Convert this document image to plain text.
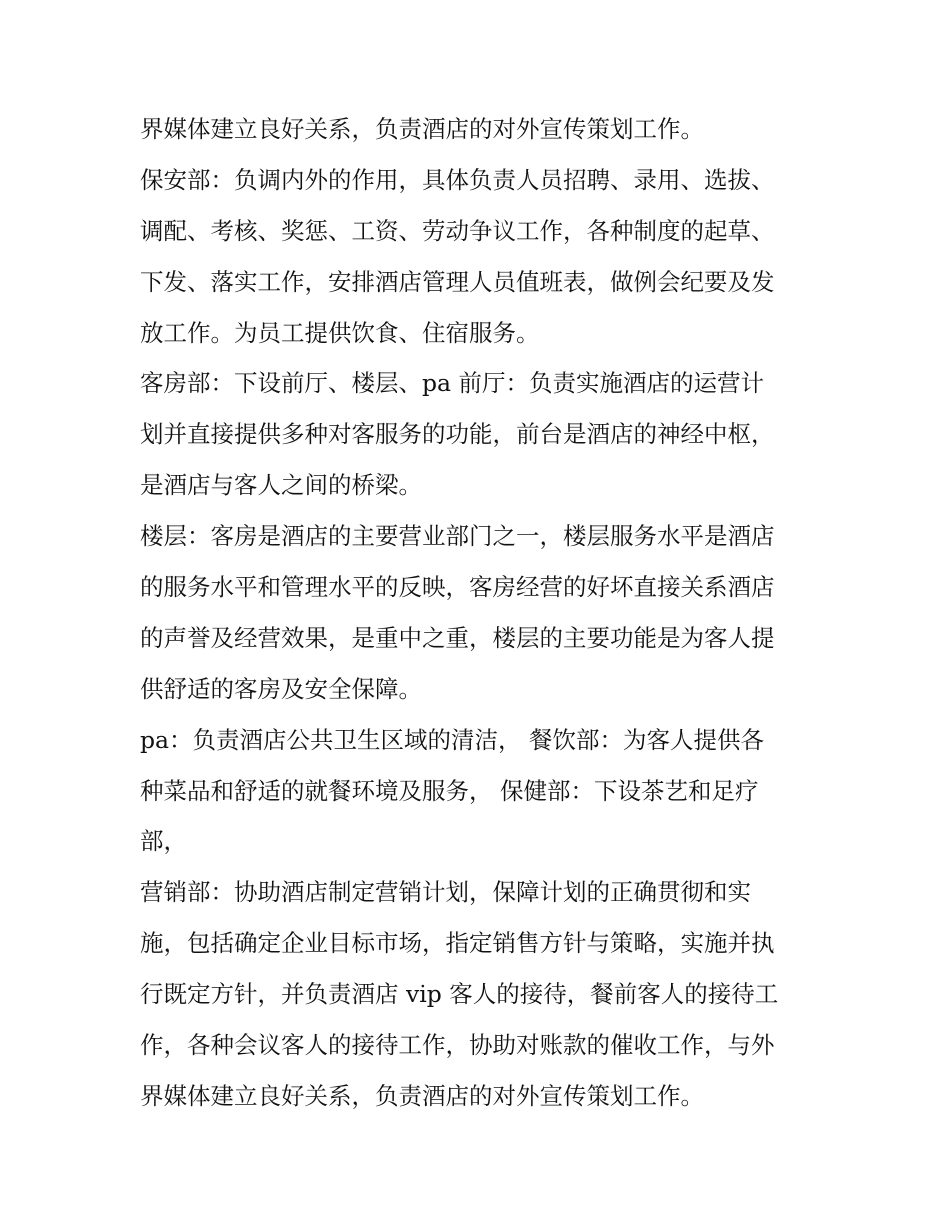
界媒体建立良好关系，负责酒店的对外宣传策划工作。
保安部：负调内外的作用，具体负责人员招聘、录用、选拔、
调配、考核、奖惩、工资、劳动争议工作，各种制度的起草、
下发、落实工作，安排酒店管理人员值班表，做例会纪要及发
放工作。为员工提供饮食、住宿服务。
客房部：下设前厅、楼层、pa 前厅：负责实施酒店的运营计
划并直接提供多种对客服务的功能，前台是酒店的神经中枢，
是酒店与客人之间的桥梁。
楼层：客房是酒店的主要营业部门之一，楼层服务水平是酒店
的服务水平和管理水平的反映，客房经营的好坏直接关系酒店
的声誉及经营效果，是重中之重，楼层的主要功能是为客人提
供舒适的客房及安全保障。
pa：负责酒店公共卫生区域的清洁， 餐饮部：为客人提供各
种菜品和舒适的就餐环境及服务， 保健部：下设茶艺和足疗
部，
营销部：协助酒店制定营销计划，保障计划的正确贯彻和实
施，包括确定企业目标市场，指定销售方针与策略，实施并执
行既定方针，并负责酒店 vip 客人的接待，餐前客人的接待工
作，各种会议客人的接待工作，协助对账款的催收工作，与外
界媒体建立良好关系，负责酒店的对外宣传策划工作。
